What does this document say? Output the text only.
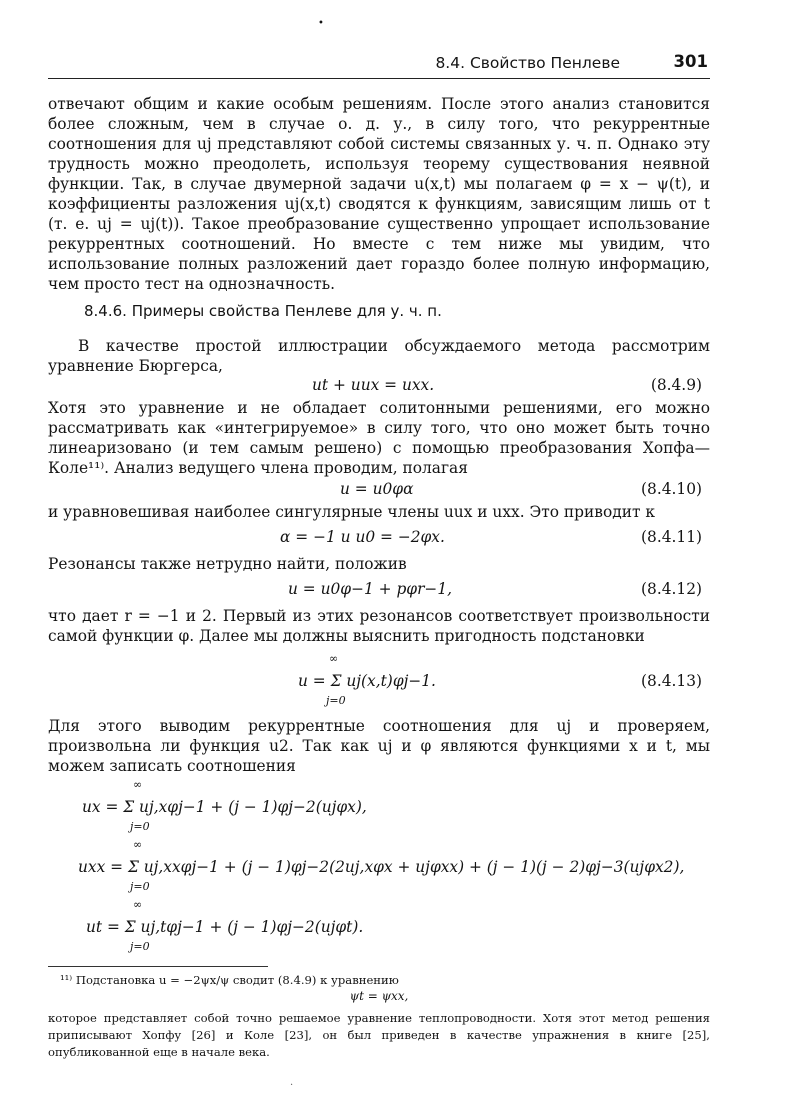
•
8.4. Свойство Пенлеве	301
отвечают общим и какие особым решениям. После этого анализ становится более сложным, чем в случае о. д. у., в силу того, что рекуррентные соотношения для uj представляют собой системы связанных у. ч. п. Однако эту трудность можно преодолеть, используя теорему существования неявной функции. Так, в случае двумерной задачи u(x,t) мы полагаем φ = x − ψ(t), и коэффициенты разложения uj(x,t) сводятся к функциям, зависящим лишь от t (т. е. uj = uj(t)). Такое преобразование существенно упрощает использование рекуррентных соотношений. Но вместе с тем ниже мы увидим, что использование полных разложений дает гораздо более полную информацию, чем просто тест на однозначность.
8.4.6. Примеры свойства Пенлеве для у. ч. п.
В качестве простой иллюстрации обсуждаемого метода рассмотрим уравнение Бюргерса,
ut + uux = uxx.	(8.4.9)
Хотя это уравнение и не обладает солитонными решениями, его можно рассматривать как «интегрируемое» в силу того, что оно может быть точно линеаризовано (и тем самым решено) с помощью преобразования Хопфа—Коле¹¹⁾. Анализ ведущего члена проводим, полагая
u = u0φα	(8.4.10)
и уравновешивая наиболее сингулярные члены uux и uxx. Это приводит к
α = −1 и u0 = −2φx.	(8.4.11)
Резонансы также нетрудно найти, положив
u = u0φ−1 + pφr−1,	(8.4.12)
что дает r = −1 и 2. Первый из этих резонансов соответствует произвольности самой функции φ. Далее мы должны выяснить пригодность подстановки
u = Σ uj(x,t)φj−1.	(8.4.13)
∞
j=0
Для этого выводим рекуррентные соотношения для uj и проверяем, произвольна ли функция u2. Так как uj и φ являются функциями x и t, мы можем записать соотношения
ux = Σ uj,xφj−1 + (j − 1)φj−2(ujφx),
∞
j=0
uxx = Σ uj,xxφj−1 + (j − 1)φj−2(2uj,xφx + ujφxx) + (j − 1)(j − 2)φj−3(ujφx2),
∞
j=0
ut = Σ uj,tφj−1 + (j − 1)φj−2(ujφt).
∞
j=0
¹¹⁾ Подстановка u = −2ψx/ψ сводит (8.4.9) к уравнению
ψt = ψxx,
которое представляет собой точно решаемое уравнение теплопроводности. Хотя этот метод решения приписывают Хопфу [26] и Коле [23], он был приведен в качестве упражнения в книге [25], опубликованной еще в начале века.
·
